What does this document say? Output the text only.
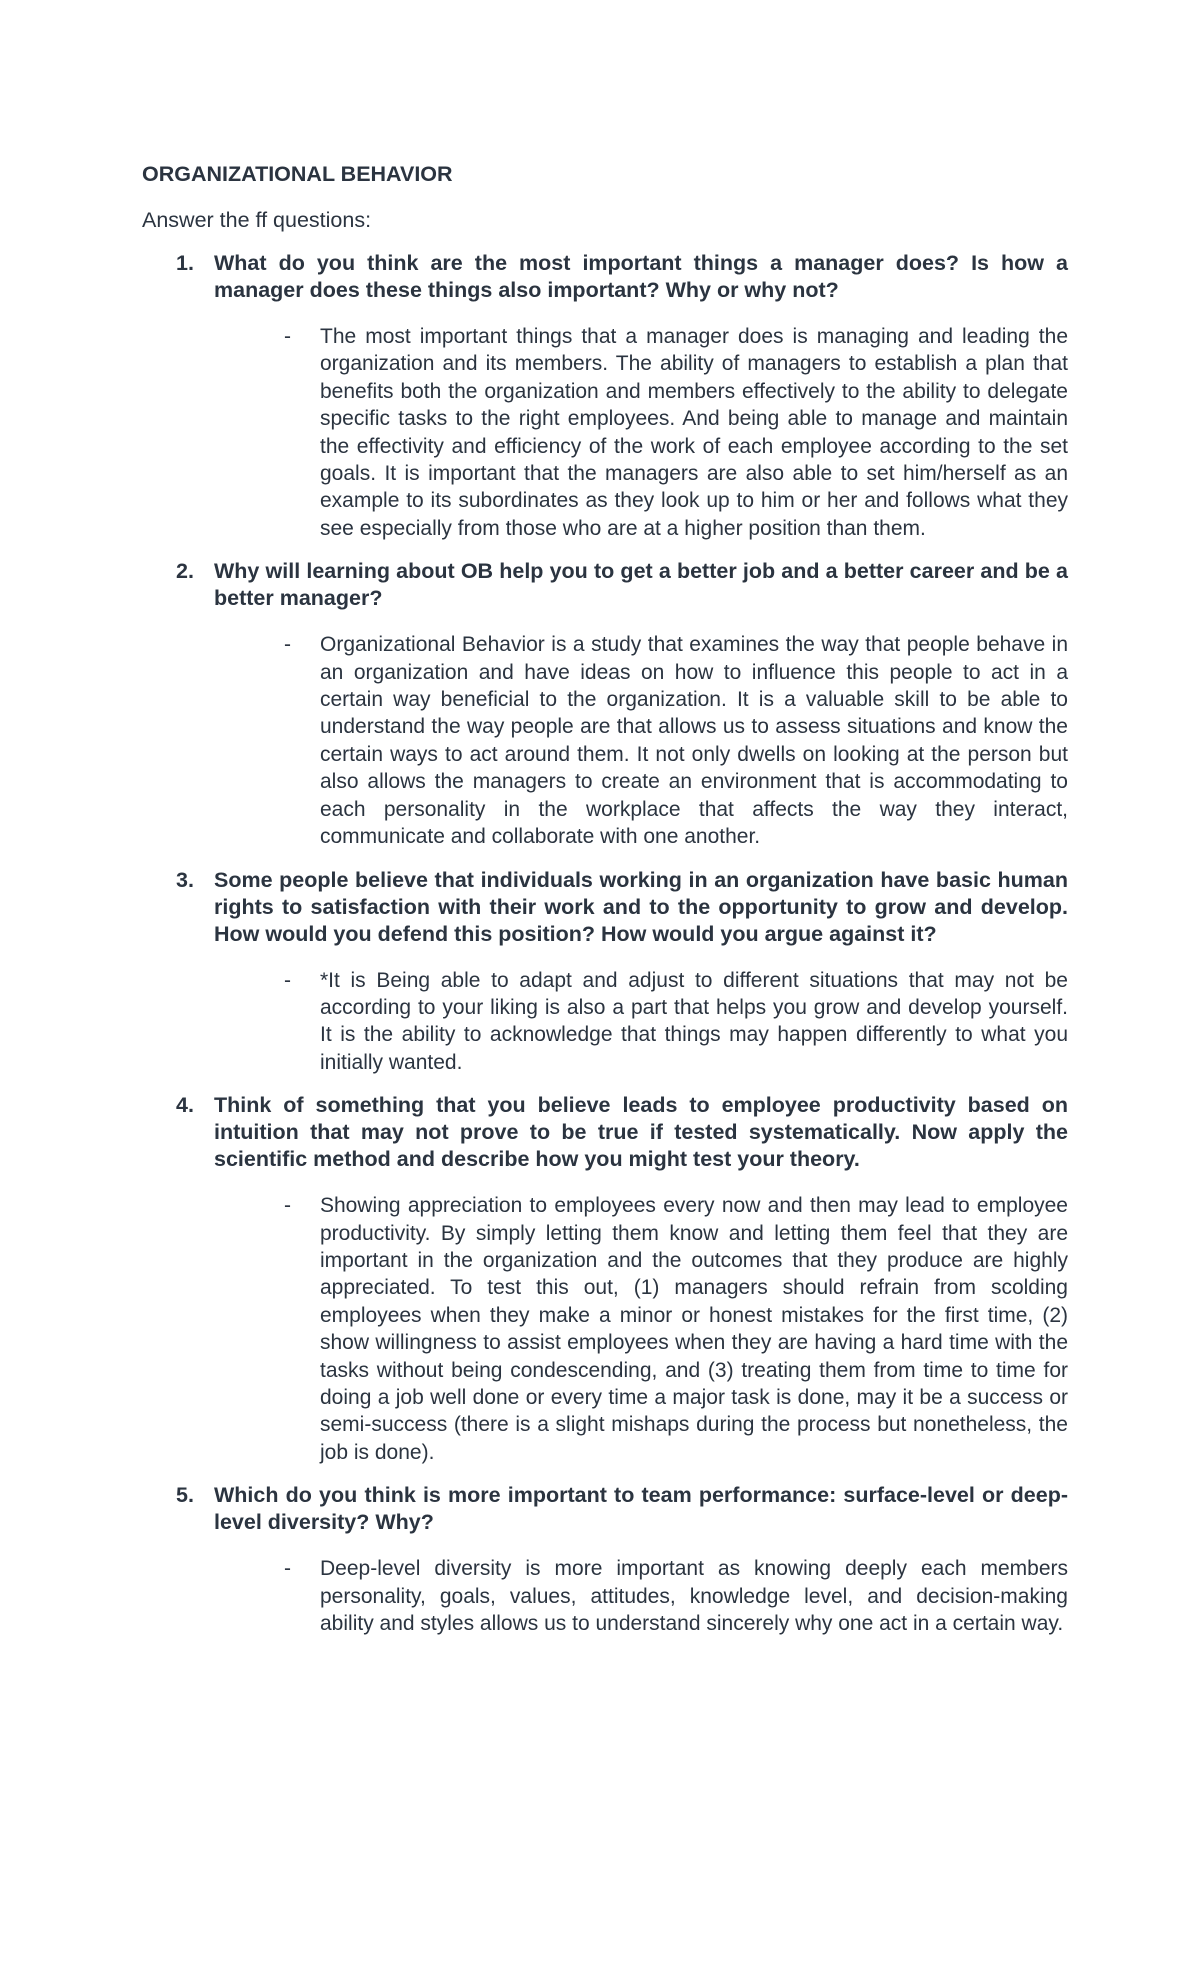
ORGANIZATIONAL BEHAVIOR

Answer the ff questions:

1. What do you think are the most important things a manager does? Is how a manager does these things also important? Why or why not?

- The most important things that a manager does is managing and leading the organization and its members. The ability of managers to establish a plan that benefits both the organization and members effectively to the ability to delegate specific tasks to the right employees. And being able to manage and maintain the effectivity and efficiency of the work of each employee according to the set goals. It is important that the managers are also able to set him/herself as an example to its subordinates as they look up to him or her and follows what they see especially from those who are at a higher position than them.

2. Why will learning about OB help you to get a better job and a better career and be a better manager?

- Organizational Behavior is a study that examines the way that people behave in an organization and have ideas on how to influence this people to act in a certain way beneficial to the organization. It is a valuable skill to be able to understand the way people are that allows us to assess situations and know the certain ways to act around them. It not only dwells on looking at the person but also allows the managers to create an environment that is accommodating to each personality in the workplace that affects the way they interact, communicate and collaborate with one another.

3. Some people believe that individuals working in an organization have basic human rights to satisfaction with their work and to the opportunity to grow and develop. How would you defend this position? How would you argue against it?

- *It is Being able to adapt and adjust to different situations that may not be according to your liking is also a part that helps you grow and develop yourself. It is the ability to acknowledge that things may happen differently to what you initially wanted.

4. Think of something that you believe leads to employee productivity based on intuition that may not prove to be true if tested systematically. Now apply the scientific method and describe how you might test your theory.

- Showing appreciation to employees every now and then may lead to employee productivity. By simply letting them know and letting them feel that they are important in the organization and the outcomes that they produce are highly appreciated. To test this out, (1) managers should refrain from scolding employees when they make a minor or honest mistakes for the first time, (2) show willingness to assist employees when they are having a hard time with the tasks without being condescending, and (3) treating them from time to time for doing a job well done or every time a major task is done, may it be a success or semi-success (there is a slight mishaps during the process but nonetheless, the job is done).

5. Which do you think is more important to team performance: surface-level or deep-level diversity? Why?

- Deep-level diversity is more important as knowing deeply each members personality, goals, values, attitudes, knowledge level, and decision-making ability and styles allows us to understand sincerely why one act in a certain way.
